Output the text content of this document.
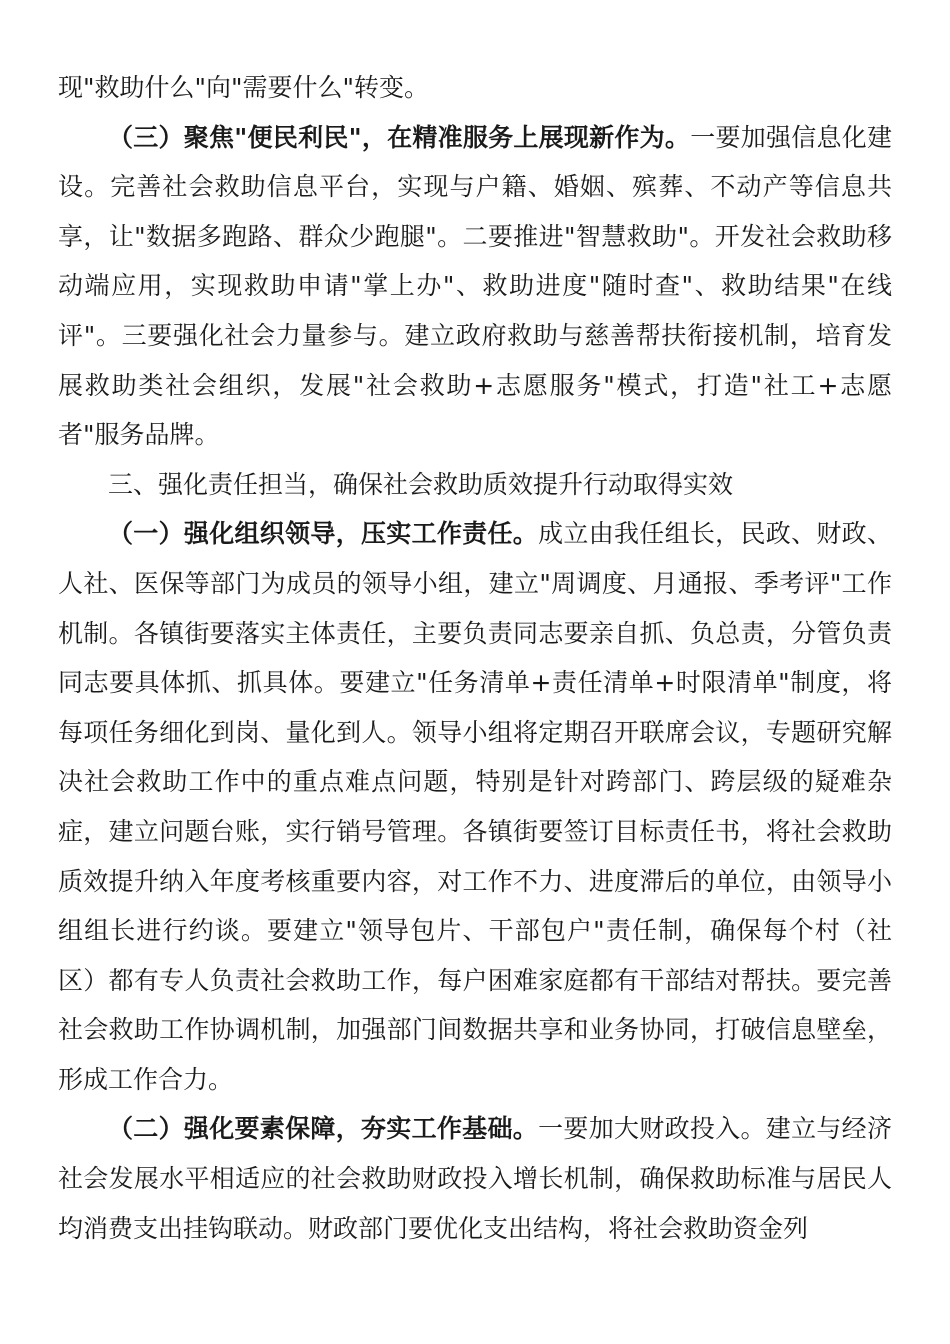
现"救助什么"向"需要什么"转变。

（三）聚焦"便民利民"，在精准服务上展现新作为。一要加强信息化建设。完善社会救助信息平台，实现与户籍、婚姻、殡葬、不动产等信息共享，让"数据多跑路、群众少跑腿"。二要推进"智慧救助"。开发社会救助移动端应用，实现救助申请"掌上办"、救助进度"随时查"、救助结果"在线评"。三要强化社会力量参与。建立政府救助与慈善帮扶衔接机制，培育发展救助类社会组织，发展"社会救助+志愿服务"模式，打造"社工+志愿者"服务品牌。

三、强化责任担当，确保社会救助质效提升行动取得实效

（一）强化组织领导，压实工作责任。成立由我任组长，民政、财政、人社、医保等部门为成员的领导小组，建立"周调度、月通报、季考评"工作机制。各镇街要落实主体责任，主要负责同志要亲自抓、负总责，分管负责同志要具体抓、抓具体。要建立"任务清单+责任清单+时限清单"制度，将每项任务细化到岗、量化到人。领导小组将定期召开联席会议，专题研究解决社会救助工作中的重点难点问题，特别是针对跨部门、跨层级的疑难杂症，建立问题台账，实行销号管理。各镇街要签订目标责任书，将社会救助质效提升纳入年度考核重要内容，对工作不力、进度滞后的单位，由领导小组组长进行约谈。要建立"领导包片、干部包户"责任制，确保每个村（社区）都有专人负责社会救助工作，每户困难家庭都有干部结对帮扶。要完善社会救助工作协调机制，加强部门间数据共享和业务协同，打破信息壁垒，形成工作合力。

（二）强化要素保障，夯实工作基础。一要加大财政投入。建立与经济社会发展水平相适应的社会救助财政投入增长机制，确保救助标准与居民人均消费支出挂钩联动。财政部门要优化支出结构，将社会救助资金列
